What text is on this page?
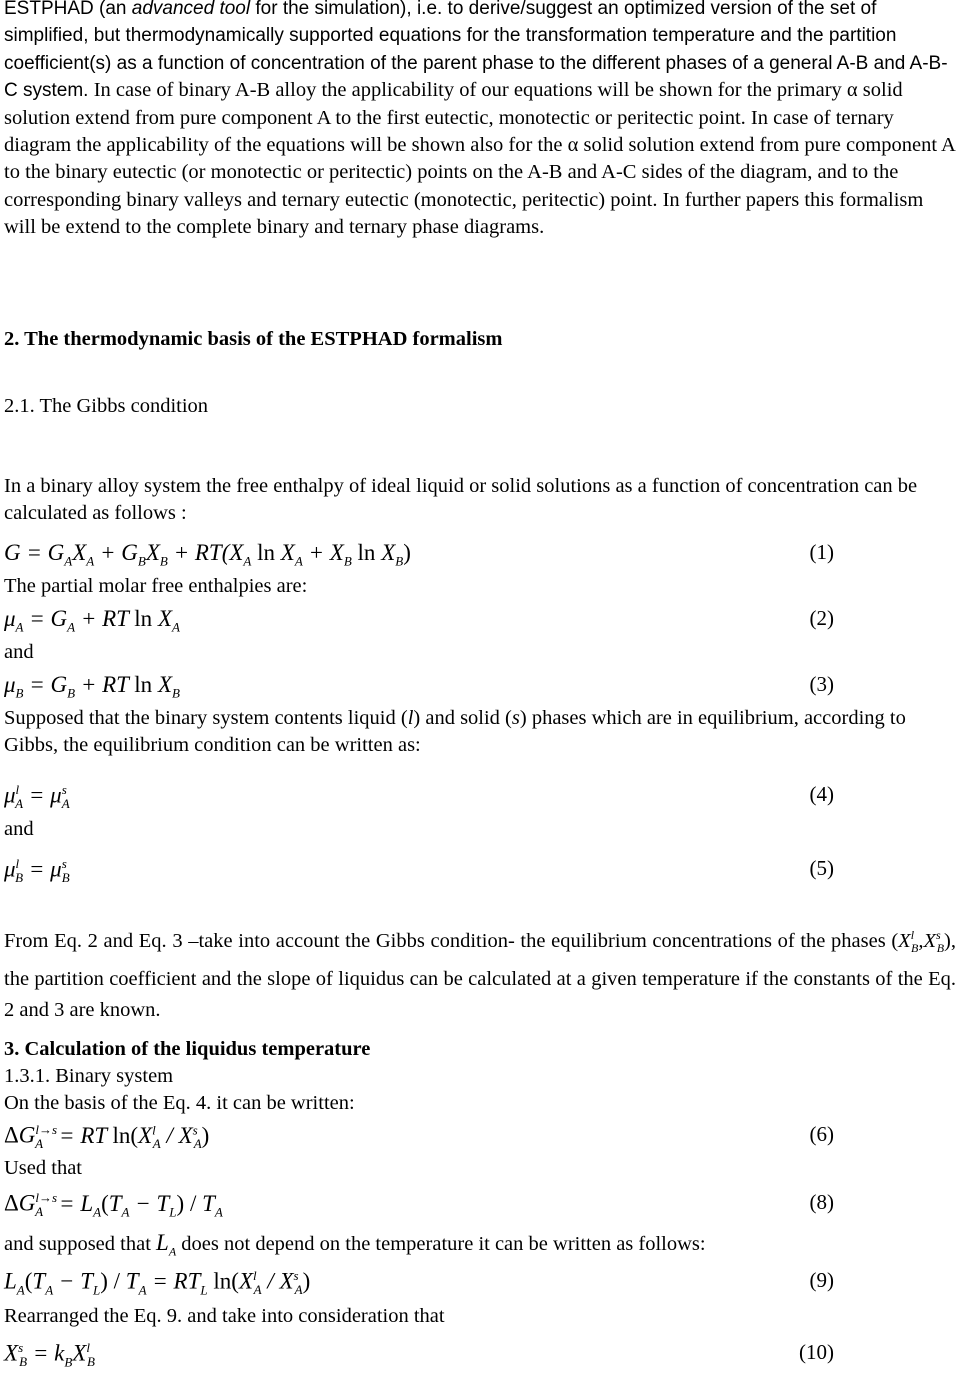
ESTPHAD (an advanced tool for the simulation), i.e. to derive/suggest an optimized version of the set of simplified, but thermodynamically supported equations for the transformation temperature and the partition coefficient(s) as a function of concentration of the parent phase to the different phases of a general A-B and A-B-C system. In case of binary A-B alloy the applicability of our equations will be shown for the primary α solid solution extend from pure component A to the first eutectic, monotectic or peritectic point. In case of ternary diagram the applicability of the equations will be shown also for the α solid solution extend from pure component A to the binary eutectic (or monotectic or peritectic) points on the A-B and A-C sides of the diagram, and to the corresponding binary valleys and ternary eutectic (monotectic, peritectic) point. In further papers this formalism will be extend to the complete binary and ternary phase diagrams.
2. The thermodynamic basis of the ESTPHAD formalism
2.1. The Gibbs condition

In a binary alloy system the free enthalpy of ideal liquid or solid solutions as a function of concentration can be calculated as follows :

$G = G_AX_A + G_BX_B + RT(X_A$ $\ln X_A + X_B$ $\ln X_B$)	(1)
The partial molar free enthalpies are:
$\mu_A = G_A$ + RT $\ln X_A$	(2)
and
$\mu_B = G_B$ + RT $\ln X_B$	(3)

Supposed that the binary system contents liquid (l) and solid (s) phases which are in equilibrium, according to Gibbs, the equilibrium condition can be written as:

$\mu^l_A = \mu^s_A$	(4)
and
$\mu^l_B = \mu^s_B$	(5)

From Eq. 2 and Eq. 3 –take into account the Gibbs condition- the equilibrium concentrations of the phases $(X^l_B,X^s_B)$, the partition coefficient and the slope of liquidus can be calculated at a given temperature if the constants of the Eq. 2 and 3 are known.

3. Calculation of the liquidus temperature
1.3.1. Binary system
On the basis of the Eq. 4. it can be written:
$\Delta G^{l\to s}_A$ = RT $\ln(X^l_A / X^s_A)$	(6)
Used that
$\Delta G^{l\to s}_A = L_A(T_A - T_L) / T_A$	(8)
and supposed that $L_A$ does not depend on the temperature it can be written as follows:
$L_A(T_A - T_L) / T_A = RT_L$ $\ln(X^l_A / X^s_A)$	(9)
Rearranged the Eq. 9. and take into consideration that
$X^s_B = k_BX^l_B$	(10)
